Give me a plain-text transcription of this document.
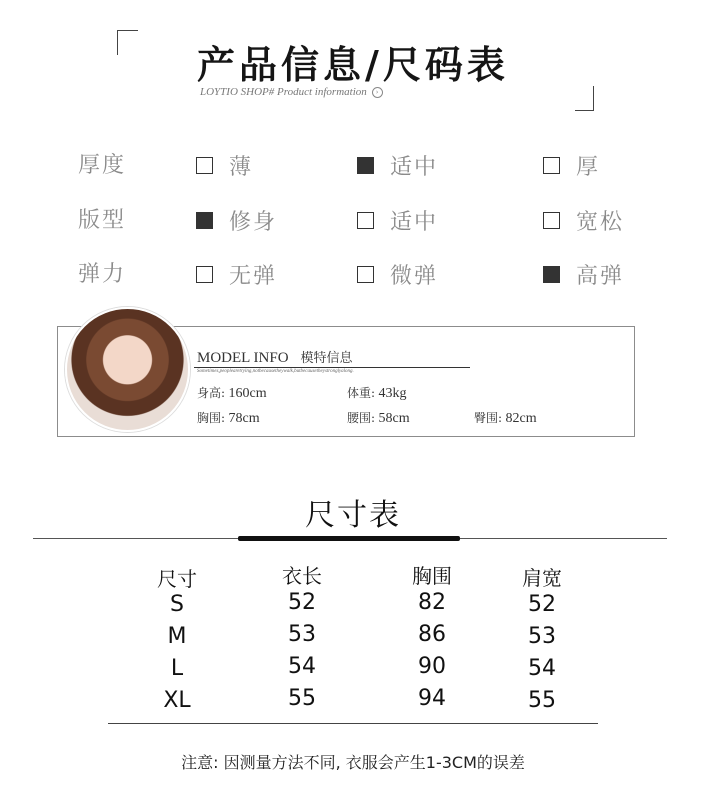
产品信息/尺码表
LOYTIO SHOP# Product information ›
厚度	薄	适中	厚
版型	修身	适中	宽松
弹力	无弹	微弹	高弹
MODEL INFO 模特信息
Sometimes,peoplearetrying,notbecausetheywalk,butbecausetheystronglyalong.
身高: 160cm	体重: 43kg
胸围: 78cm	腰围: 58cm	臀围: 82cm
尺寸表
尺寸	衣长	胸围	肩宽
S	52	82	52
M	53	86	53
L	54	90	54
XL	55	94	55
注意: 因测量方法不同, 衣服会产生1-3CM的误差
